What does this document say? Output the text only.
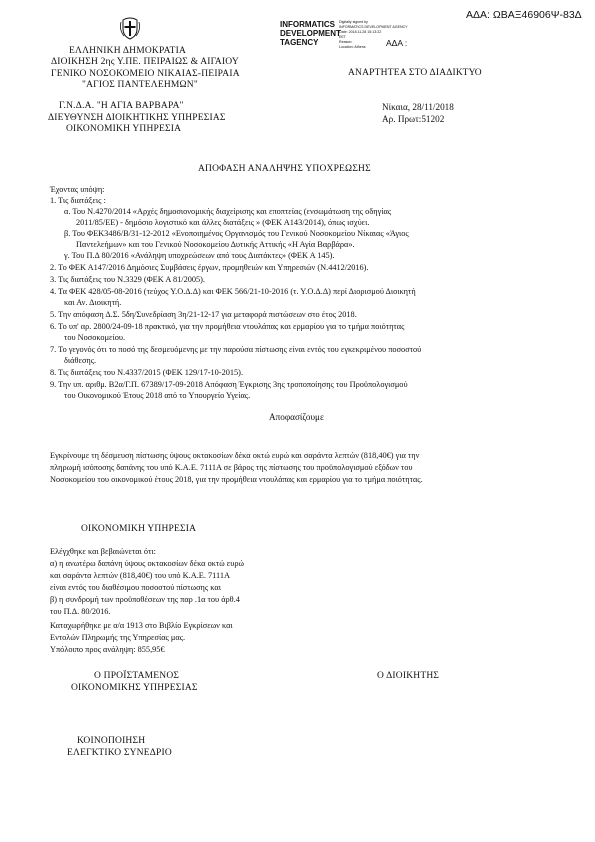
ΑΔΑ: ΩΒΑΞ46906Ψ-83Δ
INFORMATICS
DEVELOPMENT
TAGENCY
Digitally signed by
INFORMATICS DEVELOPMENT AGENCY
Date: 2018.11.28 15:13:22
EET
Reason:
Location: Athens	ΑΔΑ :
ΕΛΛΗΝΙΚΗ ΔΗΜΟΚΡΑΤΙΑ
ΔΙΟΙΚΗΣΗ 2ης Υ.ΠΕ. ΠΕΙΡΑΙΩΣ & ΑΙΓΑΙΟΥ
ΓΕΝΙΚΟ ΝΟΣΟΚΟΜΕΙΟ ΝΙΚΑΙΑΣ-ΠΕΙΡΑΙΑ
"ΑΓΙΟΣ ΠΑΝΤΕΛΕΗΜΩΝ"
Γ.Ν.Δ.Α. "Η ΑΓΙΑ ΒΑΡΒΑΡΑ"
ΔΙΕΥΘΥΝΣΗ ΔΙΟΙΚΗΤΙΚΗΣ ΥΠΗΡΕΣΙΑΣ
ΟΙΚΟΝΟΜΙΚΗ ΥΠΗΡΕΣΙΑ
ΑΝΑΡΤΗΤΕΑ ΣΤΟ ΔΙΑΔΙΚΤΥΟ
Νίκαια, 28/11/2018
Αρ. Πρωτ:51202
ΑΠΟΦΑΣΗ ΑΝΑΛΗΨΗΣ ΥΠΟΧΡΕΩΣΗΣ
Έχοντας υπόψη:
1. Τις διατάξεις :
α. Του Ν.4270/2014 «Αρχές δημοσιονομικής διαχείρισης και εποπτείας (ενσωμάτωση της οδηγίας
2011/85/ΕΕ) - δημόσιο λογιστικό και άλλες διατάξεις » (ΦΕΚ Α143/2014), όπως ισχύει.
β. Του ΦΕΚ3486/Β/31-12-2012 «Ενοποιημένος Οργανισμός του Γενικού Νοσοκομείου Νίκαιας «Άγιος
Παντελεήμων» και του Γενικού Νοσοκομείου Δυτικής Αττικής «Η Αγία Βαρβάρα».
γ. Του Π.Δ 80/2016 «Ανάληψη υποχρεώσεων από τους Διατάκτες» (ΦΕΚ Α 145).
2. Το ΦΕΚ Α147/2016 Δημόσιες Συμβάσεις έργων, προμηθειών και Υπηρεσιών (Ν.4412/2016).
3. Τις διατάξεις του Ν.3329 (ΦΕΚ Α 81/2005).
4. Τα ΦΕΚ 428/05-08-2016 (τεύχος Υ.Ο.Δ.Δ) και ΦΕΚ 566/21-10-2016 (τ. Υ.Ο.Δ.Δ) περί Διορισμού Διοικητή
και Αν. Διοικητή.
5. Την απόφαση Δ.Σ. 5δη/Συνεδρίαση 3η/21-12-17 για μεταφορά πιστώσεων στο έτος 2018.
6. Το υπ' αρ. 2800/24-09-18 πρακτικό, για την προμήθεια ντουλάπας και ερμαρίου για το τμήμα ποιότητας
του Νοσοκομείου.
7. Το γεγονός ότι το ποσό της δεσμευόμενης με την παρούσα πίστωσης είναι εντός του εγκεκριμένου ποσοστού
διάθεσης.
8. Τις διατάξεις του Ν.4337/2015 (ΦΕΚ 129/17-10-2015).
9. Την υπ. αριθμ. Β2α/Γ.Π. 67389/17-09-2018 Απόφαση Έγκρισης 3ης τροποποίησης του Προϋπολογισμού
του Οικονομικού Έτους 2018 από το Υπουργείο Υγείας.
Αποφασίζουμε
Εγκρίνουμε τη δέσμευση πίστωσης ύψους οκτακοσίων δέκα οκτώ ευρώ και σαράντα λεπτών (818,40€) για την
πληρωμή ισόποσης δαπάνης του υπό Κ.Α.Ε. 7111Α σε βάρος της πίστωσης του προϋπολογισμού εξόδων του
Νοσοκομείου του οικονομικού έτους 2018, για την προμήθεια ντουλάπας και ερμαρίου για το τμήμα ποιότητας.
ΟΙΚΟΝΟΜΙΚΗ ΥΠΗΡΕΣΙΑ
Ελέγχθηκε και βεβαιώνεται ότι:
α) η ανωτέρω δαπάνη ύψους οκτακοσίων δέκα οκτώ ευρώ
και σαράντα λεπτών (818,40€) του υπό Κ.Α.Ε. 7111Α
είναι εντός του διαθέσιμου ποσοστού πίστωσης και
β) η συνδρομή των προϋποθέσεων της παρ .1α του άρθ.4
του Π.Δ. 80/2016.
Καταχωρήθηκε με α/α 1913 στο Βιβλίο Εγκρίσεων και
Εντολών Πληρωμής της Υπηρεσίας μας.
Υπόλοιπο προς ανάληψη: 855,95€
Ο ΠΡΟΪΣΤΑΜΕΝΟΣ
ΟΙΚΟΝΟΜΙΚΗΣ ΥΠΗΡΕΣΙΑΣ
Ο ΔΙΟΙΚΗΤΗΣ
ΚΟΙΝΟΠΟΙΗΣΗ
ΕΛΕΓΚΤΙΚΟ ΣΥΝΕΔΡΙΟ
